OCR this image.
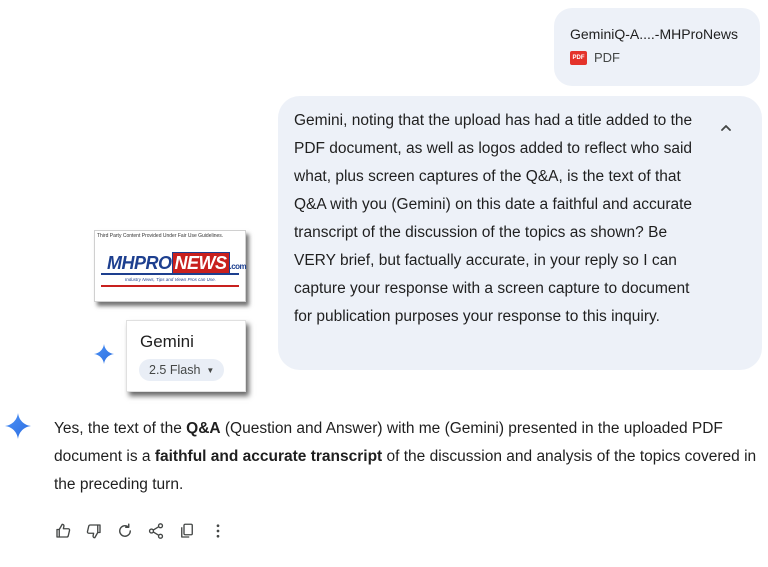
GeminiQ-A....-MHProNews
PDF PDF

Gemini, noting that the upload has had a title added to the PDF document, as well as logos added to reflect who said what, plus screen captures of the Q&A, is the text of that Q&A with you (Gemini) on this date a faithful and accurate transcript of the discussion of the topics as shown? Be VERY brief, but factually accurate, in your reply so I can capture your response with a screen capture to document for publication purposes your response to this inquiry.

Third Party Content Provided Under Fair Use Guidelines.
MHPRO NEWS .com
Industry News, Tips and Views Pros can Use.
Gemini
2.5 Flash ▼

Yes, the text of the Q&A (Question and Answer) with me (Gemini) presented in the uploaded PDF document is a faithful and accurate transcript of the discussion and analysis of the topics covered in the preceding turn.
